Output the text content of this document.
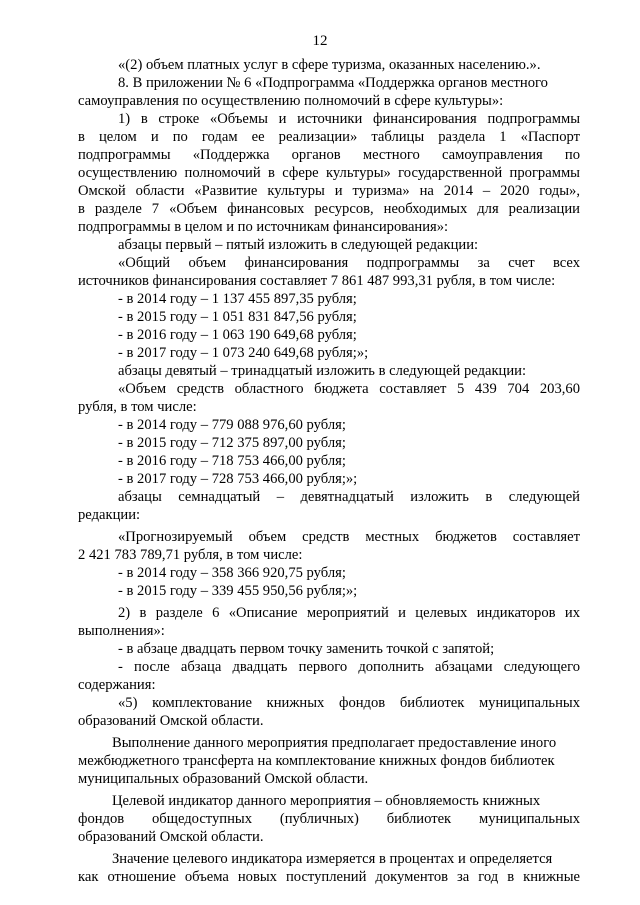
12

«(2) объем платных услуг в сфере туризма, оказанных населению.».

8. В приложении № 6 «Подпрограмма «Поддержка органов местного

самоуправления по осуществлению полномочий в сфере культуры»:

1) в строке «Объемы и источники финансирования подпрограммы

в целом и по годам ее реализации» таблицы раздела 1 «Паспорт

подпрограммы «Поддержка органов местного самоуправления по

осуществлению полномочий в сфере культуры» государственной программы

Омской области «Развитие культуры и туризма» на 2014 – 2020 годы»,

в разделе 7 «Объем финансовых ресурсов, необходимых для реализации

подпрограммы в целом и по источникам финансирования»:

абзацы первый – пятый изложить в следующей редакции:

«Общий объем финансирования подпрограммы за счет всех

источников финансирования составляет 7 861 487 993,31 рубля, в том числе:

- в 2014 году – 1 137 455 897,35 рубля;

- в 2015 году – 1 051 831 847,56 рубля;

- в 2016 году – 1 063 190 649,68 рубля;

- в 2017 году – 1 073 240 649,68 рубля;»;

абзацы девятый – тринадцатый изложить в следующей редакции:

«Объем средств областного бюджета составляет 5 439 704 203,60

рубля, в том числе:

- в 2014 году – 779 088 976,60 рубля;

- в 2015 году – 712 375 897,00 рубля;

- в 2016 году – 718 753 466,00 рубля;

- в 2017 году – 728 753 466,00 рубля;»;

абзацы семнадцатый – девятнадцатый изложить в следующей

редакции:

«Прогнозируемый объем средств местных бюджетов составляет

2 421 783 789,71 рубля, в том числе:

- в 2014 году – 358 366 920,75 рубля;

- в 2015 году – 339 455 950,56 рубля;»;

2) в разделе 6 «Описание мероприятий и целевых индикаторов их

выполнения»:

- в абзаце двадцать первом точку заменить точкой с запятой;

- после абзаца двадцать первого дополнить абзацами следующего

содержания:

«5) комплектование книжных фондов библиотек муниципальных

образований Омской области.

Выполнение данного мероприятия предполагает предоставление иного

межбюджетного трансферта на комплектование книжных фондов библиотек

муниципальных образований Омской области.

Целевой индикатор данного мероприятия – обновляемость книжных

фондов общедоступных (публичных) библиотек муниципальных

образований Омской области.

Значение целевого индикатора измеряется в процентах и определяется

как отношение объема новых поступлений документов за год в книжные
